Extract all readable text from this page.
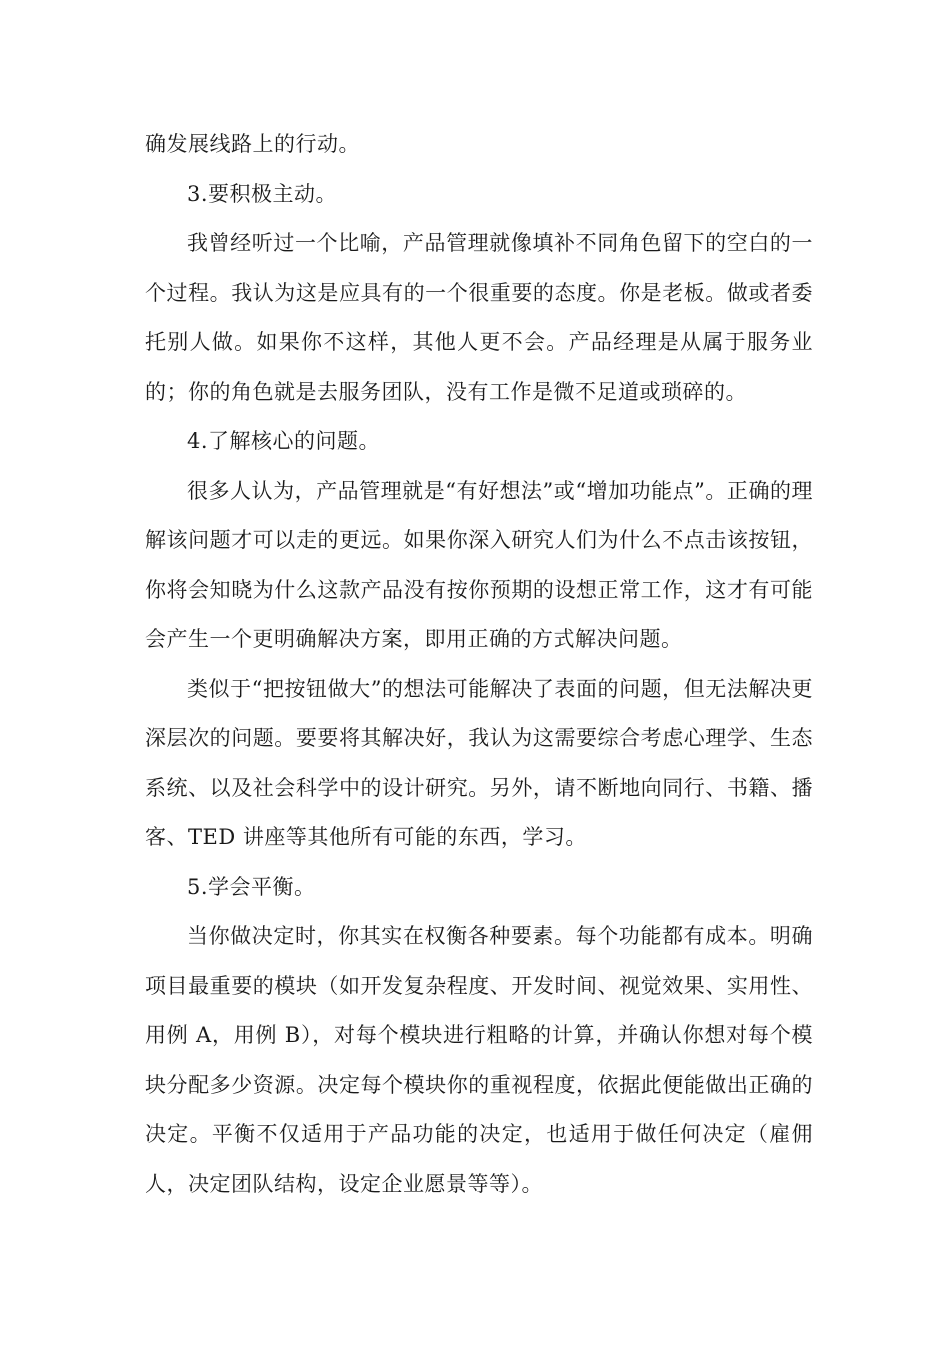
确发展线路上的行动。

3.要积极主动。

我曾经听过一个比喻，产品管理就像填补不同角色留下的空白的一个过程。我认为这是应具有的一个很重要的态度。你是老板。做或者委托别人做。如果你不这样，其他人更不会。产品经理是从属于服务业的；你的角色就是去服务团队，没有工作是微不足道或琐碎的。

4.了解核心的问题。

很多人认为，产品管理就是“有好想法”或“增加功能点”。正确的理解该问题才可以走的更远。如果你深入研究人们为什么不点击该按钮，你将会知晓为什么这款产品没有按你预期的设想正常工作，这才有可能会产生一个更明确解决方案，即用正确的方式解决问题。

类似于“把按钮做大”的想法可能解决了表面的问题，但无法解决更深层次的问题。要要将其解决好，我认为这需要综合考虑心理学、生态系统、以及社会科学中的设计研究。另外，请不断地向同行、书籍、播客、TED 讲座等其他所有可能的东西，学习。

5.学会平衡。

当你做决定时，你其实在权衡各种要素。每个功能都有成本。明确项目最重要的模块（如开发复杂程度、开发时间、视觉效果、实用性、用例 A，用例 B），对每个模块进行粗略的计算，并确认你想对每个模块分配多少资源。决定每个模块你的重视程度，依据此便能做出正确的决定。平衡不仅适用于产品功能的决定，也适用于做任何决定（雇佣人，决定团队结构，设定企业愿景等等）。
